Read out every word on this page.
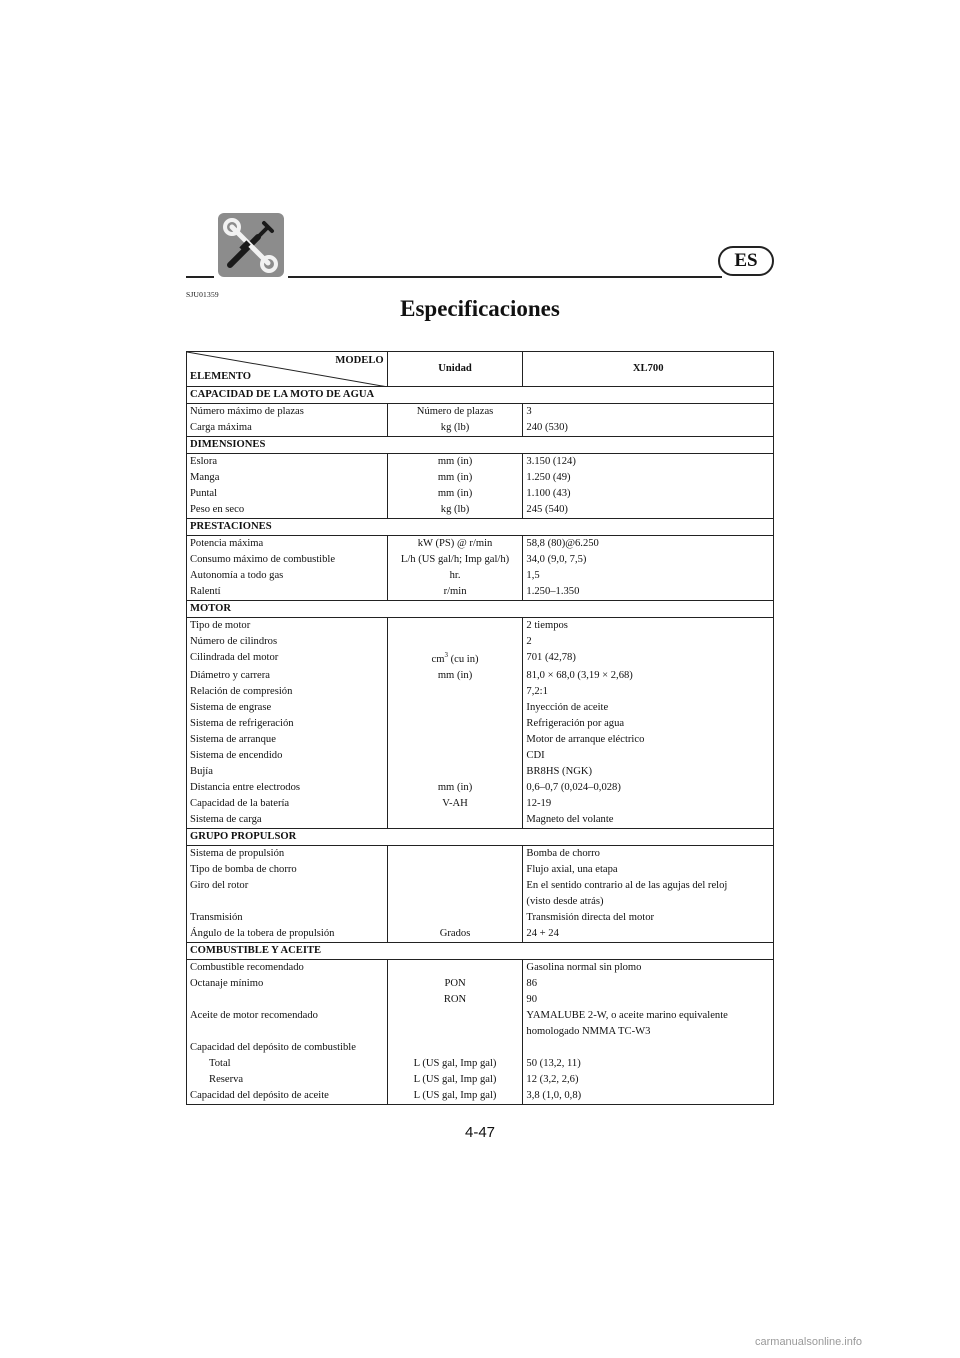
ES
SJU01359
Especificaciones
MODELO
ELEMENTO	Unidad	XL700
CAPACIDAD DE LA MOTO DE AGUA		
Número máximo de plazas	Número de plazas	3
Carga máxima	kg (lb)	240 (530)
DIMENSIONES		
Eslora	mm (in)	3.150 (124)
Manga	mm (in)	1.250 (49)
Puntal	mm (in)	1.100 (43)
Peso en seco	kg (lb)	245 (540)
PRESTACIONES		
Potencia máxima	kW (PS) @ r/min	58,8 (80)@6.250
Consumo máximo de combustible	L/h (US gal/h; Imp gal/h)	34,0 (9,0, 7,5)
Autonomía a todo gas	hr.	1,5
Ralentí	r/min	1.250–1.350
MOTOR		
Tipo de motor		2 tiempos
Número de cilindros		2
Cilindrada del motor	$cm^3$ (cu in)	701 (42,78)
Diámetro y carrera	mm (in)	81,0 × 68,0 (3,19 × 2,68)
Relación de compresión		7,2:1
Sistema de engrase		Inyección de aceite
Sistema de refrigeración		Refrigeración por agua
Sistema de arranque		Motor de arranque eléctrico
Sistema de encendido		CDI
Bujía		BR8HS (NGK)
Distancia entre electrodos	mm (in)	0,6–0,7 (0,024–0,028)
Capacidad de la batería	V-AH	12-19
Sistema de carga		Magneto del volante
GRUPO PROPULSOR		
Sistema de propulsión		Bomba de chorro
Tipo de bomba de chorro		Flujo axial, una etapa
Giro del rotor		En el sentido contrario al de las agujas del reloj
		(visto desde atrás)
Transmisión		Transmisión directa del motor
Ángulo de la tobera de propulsión	Grados	24 + 24
COMBUSTIBLE Y ACEITE		
Combustible recomendado		Gasolina normal sin plomo
Octanaje mínimo	PON	86
	RON	90
Aceite de motor recomendado		YAMALUBE 2-W, o aceite marino equivalente
		homologado NMMA TC-W3
Capacidad del depósito de combustible		
Total	L (US gal, Imp gal)	50 (13,2, 11)
Reserva	L (US gal, Imp gal)	12 (3,2, 2,6)
Capacidad del depósito de aceite	L (US gal, Imp gal)	3,8 (1,0, 0,8)
4-47
carmanualsonline.info
